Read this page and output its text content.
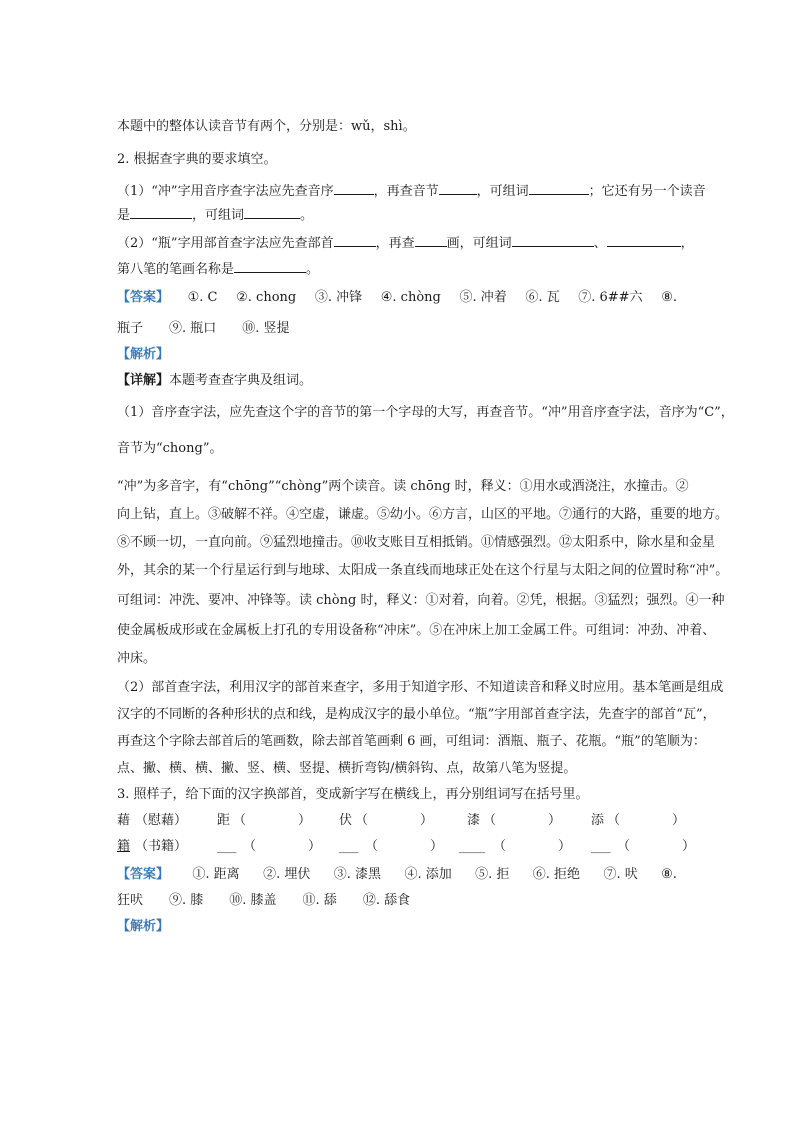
本题中的整体认读音节有两个，分别是：wǔ，shì。
2. 根据查字典的要求填空。
（1）“冲”字用音序查字法应先查音序	，再查音节	，可组词	；它还有另一个读音
是	，可组词	。
（2）“瓶”字用部首查字法应先查部首	，再查 画，可组词	、	，
第八笔的笔画名称是	。
【答案】 ①. C ②. chong ③. 冲锋 ④. chòng ⑤. 冲着 ⑥. 瓦 ⑦. 6##六 ⑧.
瓶子 ⑨. 瓶口 ⑩. 竖提
【解析】
【详解】本题考查查字典及组词。
（1）音序查字法，应先查这个字的音节的第一个字母的大写，再查音节。“冲”用音序查字法，音序为“C”，
音节为“chong”。
“冲”为多音字，有“chōng”“chòng”两个读音。读 chōng 时，释义：①用水或酒浇注，水撞击。②
向上钻，直上。③破解不祥。④空虚，谦虚。⑤幼小。⑥方言，山区的平地。⑦通行的大路，重要的地方。
⑧不顾一切，一直向前。⑨猛烈地撞击。⑩收支账目互相抵销。⑪情感强烈。⑫太阳系中，除水星和金星
外，其余的某一个行星运行到与地球、太阳成一条直线而地球正处在这个行星与太阳之间的位置时称“冲”。
可组词：冲洗、要冲、冲锋等。读 chòng 时，释义：①对着，向着。②凭，根据。③猛烈；强烈。④一种
使金属板成形或在金属板上打孔的专用设备称“冲床”。⑤在冲床上加工金属工件。可组词：冲劲、冲着、
冲床。
（2）部首查字法，利用汉字的部首来查字，多用于知道字形、不知道读音和释义时应用。基本笔画是组成
汉字的不同断的各种形状的点和线，是构成汉字的最小单位。“瓶”字用部首查字法，先查字的部首“瓦”，
再查这个字除去部首后的笔画数，除去部首笔画剩 6 画，可组词：酒瓶、瓶子、花瓶。“瓶”的笔顺为：
点、撇、横、横、撇、竖、横、竖提、横折弯钩/横斜钩、点，故第八笔为竖提。
3. 照样子，给下面的汉字换部首，变成新字写在横线上，再分别组词写在括号里。
藉 （慰藉） 距 （　　　　） 伏 （　　　　）	漆 （　　　　） 添 （　　　　）
籍 （书籍） ___ （　　　　） ___ （　　　　） ____ （　　　　） ___ （　　　　）
【答案】 ①. 距离 ②. 埋伏 ③. 漆黑 ④. 添加 ⑤. 拒 ⑥. 拒绝 ⑦. 吠 ⑧.
狂吠 ⑨. 膝 ⑩. 膝盖 ⑪. 舔 ⑫. 舔食
【解析】
